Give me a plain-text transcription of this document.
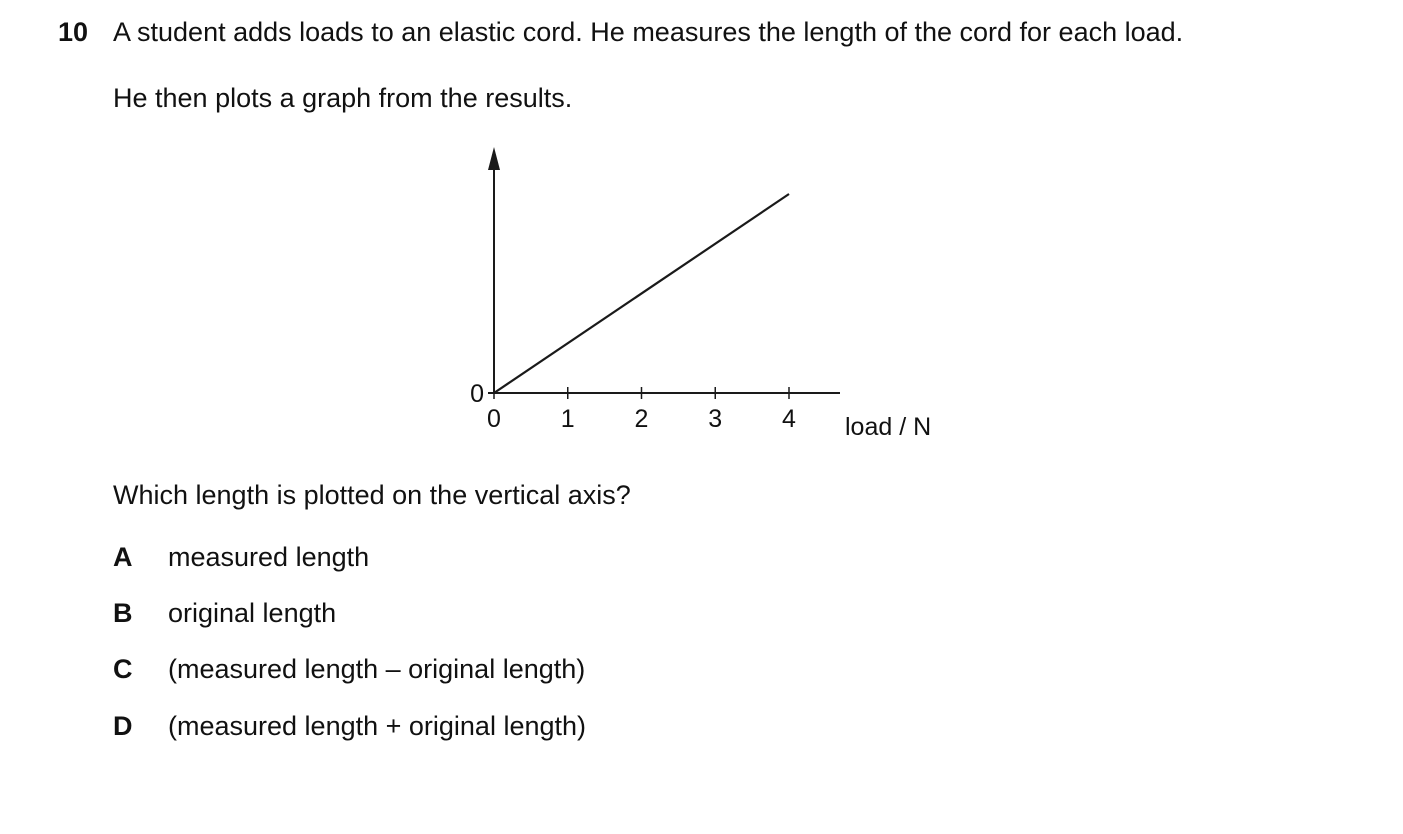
10 A student adds loads to an elastic cord. He measures the length of the cord for each load.
He then plots a graph from the results.
0 1 2 3 4
0
load / N
Which length is plotted on the vertical axis?
A measured length
B original length
C (measured length – original length)
D (measured length + original length)
